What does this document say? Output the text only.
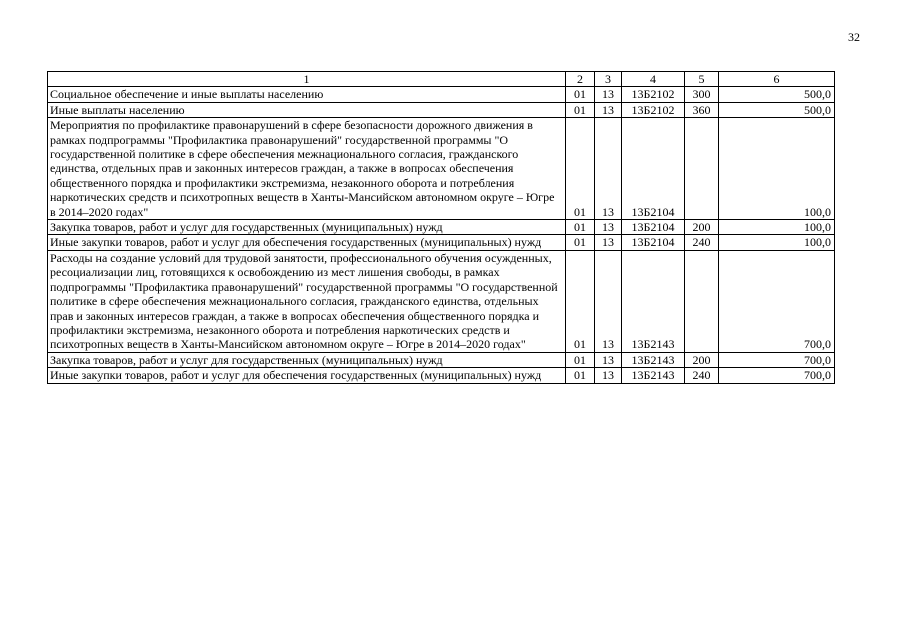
32
1	2	3	4	5	6
Социальное обеспечение и иные выплаты населению	01	13	13Б2102	300	500,0
Иные выплаты населению	01	13	13Б2102	360	500,0
Мероприятия по профилактике правонарушений в сфере безопасности дорожного движения в рамках подпрограммы "Профилактика правонарушений" государственной программы "О государственной политике в сфере обеспечения межнационального согласия, гражданского единства, отдельных прав и законных интересов граждан, а также в вопросах обеспечения общественного порядка и профилактики экстремизма, незаконного оборота и потребления наркотических средств и психотропных веществ в Ханты-Мансийском автономном округе – Югре в 2014–2020 годах"	01	13	13Б2104		100,0
Закупка товаров, работ и услуг для государственных (муниципальных) нужд	01	13	13Б2104	200	100,0
Иные закупки товаров, работ и услуг для обеспечения государственных (муниципальных) нужд	01	13	13Б2104	240	100,0
Расходы на создание условий для трудовой занятости, профессионального обучения осужденных, ресоциализации лиц, готовящихся к освобождению из мест лишения свободы, в рамках подпрограммы "Профилактика правонарушений" государственной программы "О государственной политике в сфере обеспечения межнационального согласия, гражданского единства, отдельных прав и законных интересов граждан, а также в вопросах обеспечения общественного порядка и профилактики экстремизма, незаконного оборота и потребления наркотических средств и психотропных веществ в Ханты-Мансийском автономном округе – Югре в 2014–2020 годах"	01	13	13Б2143		700,0
Закупка товаров, работ и услуг для государственных (муниципальных) нужд	01	13	13Б2143	200	700,0
Иные закупки товаров, работ и услуг для обеспечения государственных (муниципальных) нужд	01	13	13Б2143	240	700,0
